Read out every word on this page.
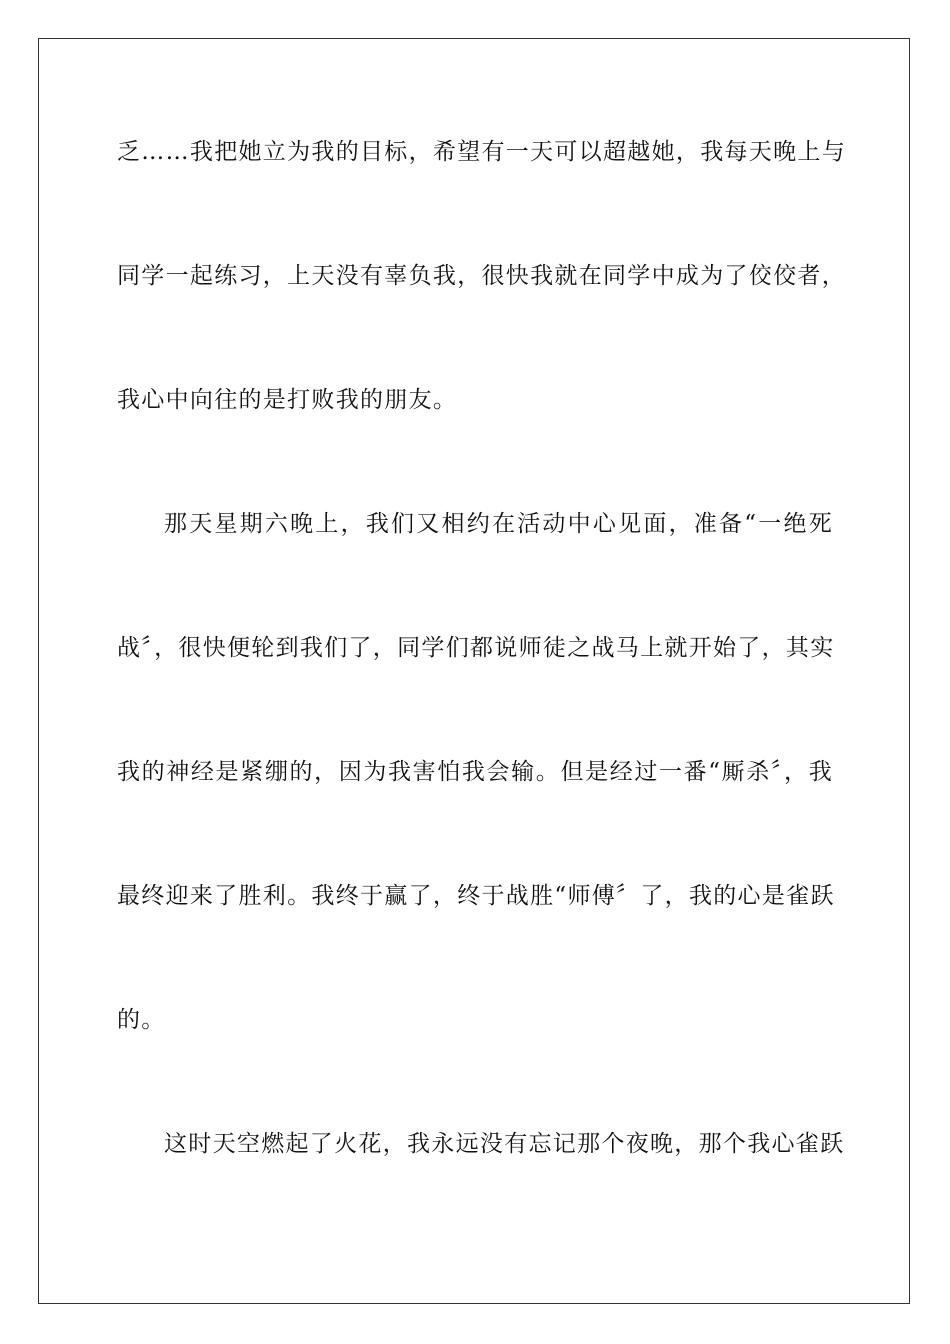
乏……我把她立为我的目标，希望有一天可以超越她，我每天晚上与
同学一起练习，上天没有辜负我，很快我就在同学中成为了佼佼者，
我心中向往的是打败我的朋友。
那天星期六晚上，我们又相约在活动中心见面，准备“一绝死
战〞，很快便轮到我们了，同学们都说师徒之战马上就开始了，其实
我的神经是紧绷的，因为我害怕我会输。但是经过一番“厮杀〞，我
最终迎来了胜利。我终于赢了，终于战胜“师傅〞了，我的心是雀跃
的。
这时天空燃起了火花，我永远没有忘记那个夜晚，那个我心雀跃
